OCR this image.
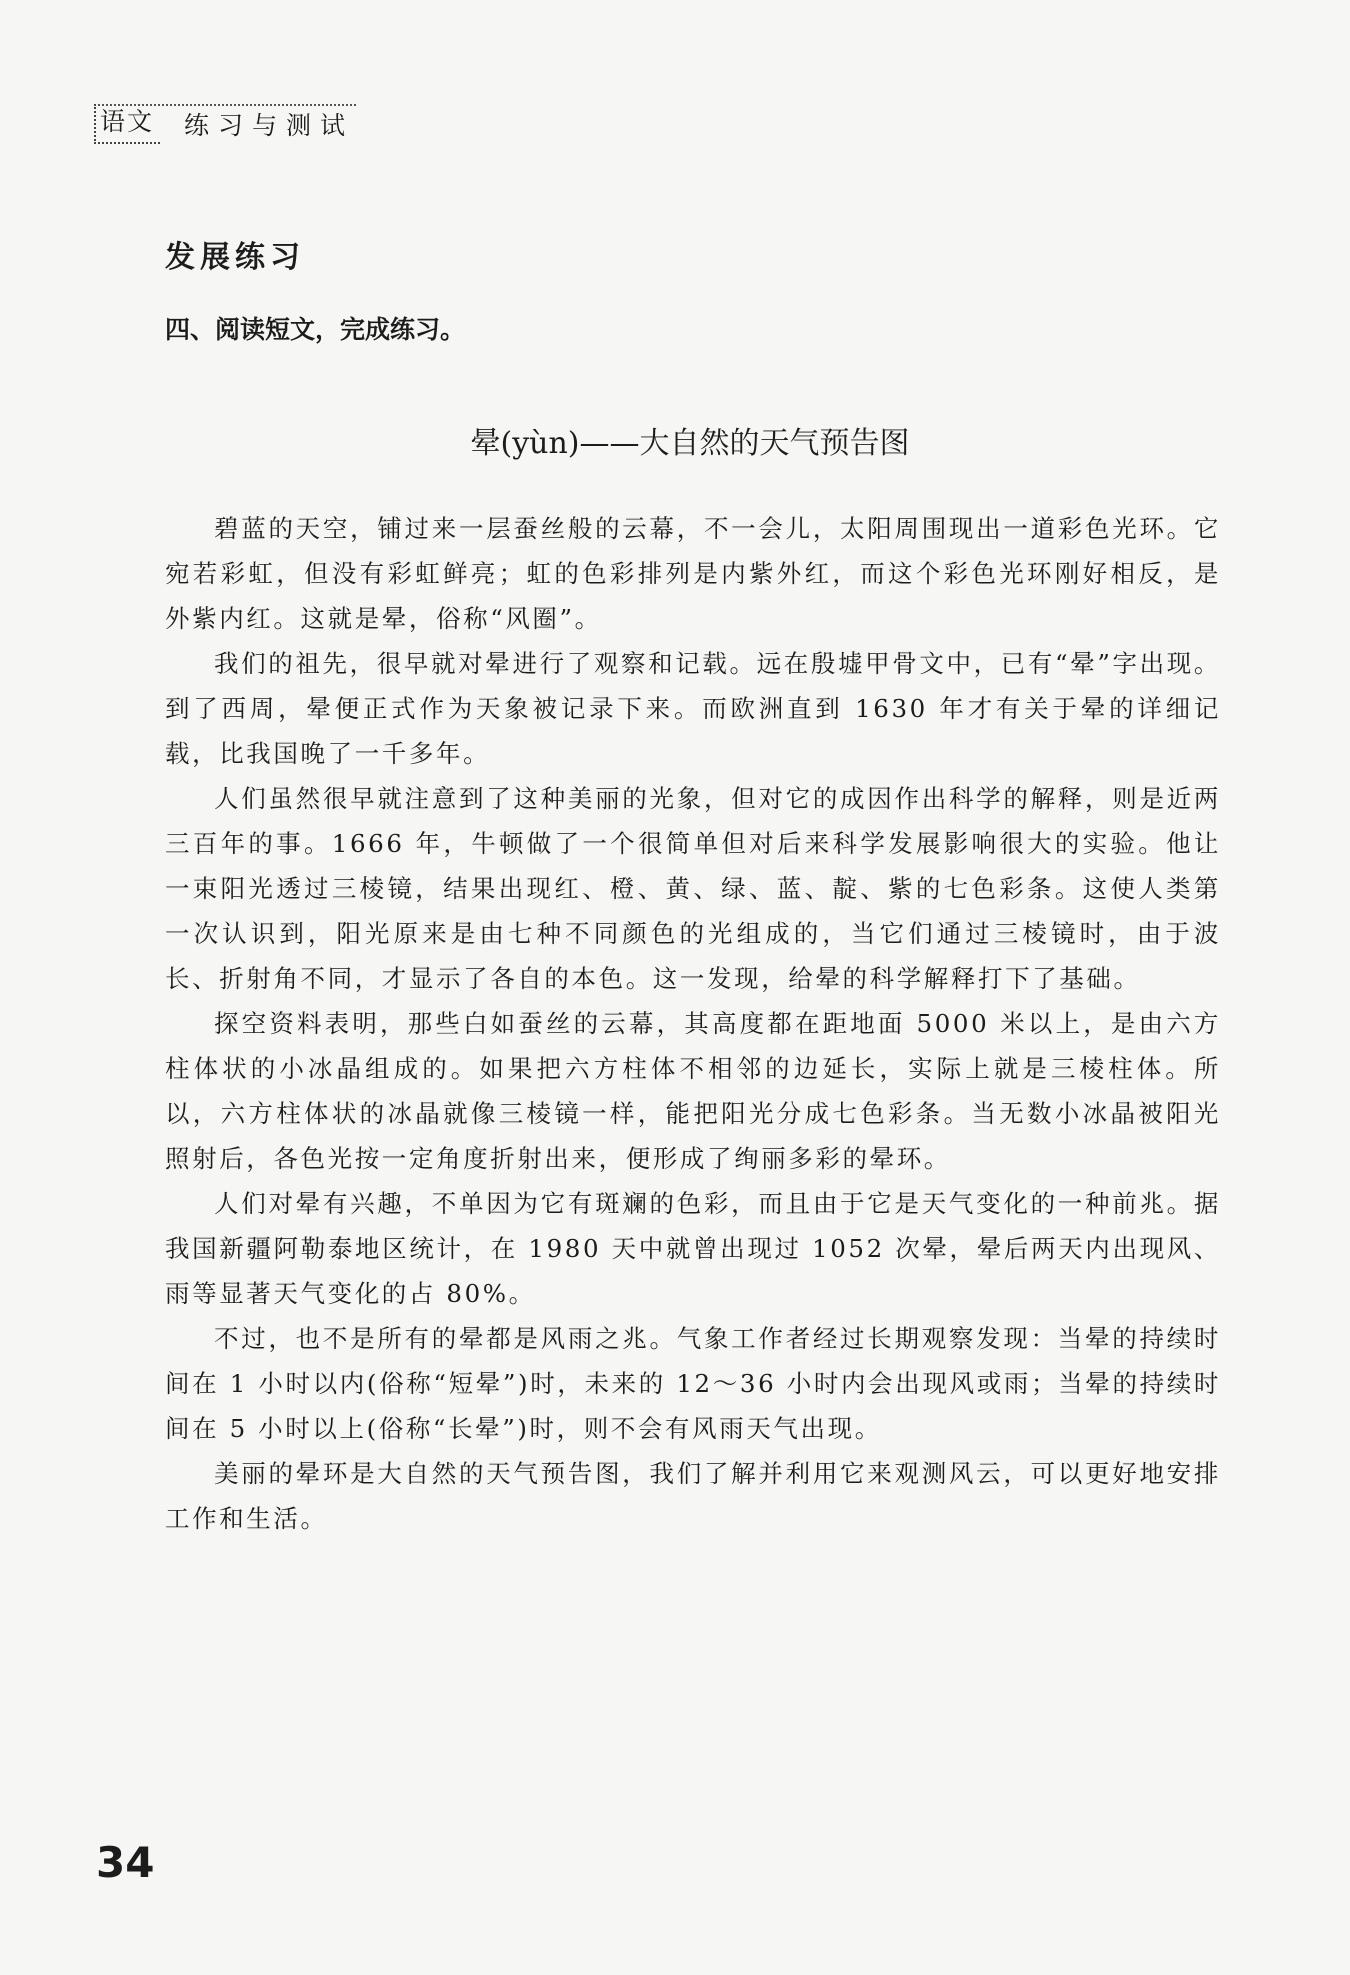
语文 练习与测试
发展练习
四、阅读短文，完成练习。
晕(yùn)——大自然的天气预告图

碧蓝的天空，铺过来一层蚕丝般的云幕，不一会儿，太阳周围现出一道彩色光环。它宛若彩虹，但没有彩虹鲜亮；虹的色彩排列是内紫外红，而这个彩色光环刚好相反，是外紫内红。这就是晕，俗称“风圈”。

我们的祖先，很早就对晕进行了观察和记载。远在殷墟甲骨文中，已有“晕”字出现。到了西周，晕便正式作为天象被记录下来。而欧洲直到 1630 年才有关于晕的详细记载，比我国晚了一千多年。

人们虽然很早就注意到了这种美丽的光象，但对它的成因作出科学的解释，则是近两三百年的事。1666 年，牛顿做了一个很简单但对后来科学发展影响很大的实验。他让一束阳光透过三棱镜，结果出现红、橙、黄、绿、蓝、靛、紫的七色彩条。这使人类第一次认识到，阳光原来是由七种不同颜色的光组成的，当它们通过三棱镜时，由于波长、折射角不同，才显示了各自的本色。这一发现，给晕的科学解释打下了基础。

探空资料表明，那些白如蚕丝的云幕，其高度都在距地面 5000 米以上，是由六方柱体状的小冰晶组成的。如果把六方柱体不相邻的边延长，实际上就是三棱柱体。所以，六方柱体状的冰晶就像三棱镜一样，能把阳光分成七色彩条。当无数小冰晶被阳光照射后，各色光按一定角度折射出来，便形成了绚丽多彩的晕环。

人们对晕有兴趣，不单因为它有斑斓的色彩，而且由于它是天气变化的一种前兆。据我国新疆阿勒泰地区统计，在 1980 天中就曾出现过 1052 次晕，晕后两天内出现风、雨等显著天气变化的占 80%。

不过，也不是所有的晕都是风雨之兆。气象工作者经过长期观察发现：当晕的持续时间在 1 小时以内(俗称“短晕”)时，未来的 12～36 小时内会出现风或雨；当晕的持续时间在 5 小时以上(俗称“长晕”)时，则不会有风雨天气出现。

美丽的晕环是大自然的天气预告图，我们了解并利用它来观测风云，可以更好地安排工作和生活。

34
